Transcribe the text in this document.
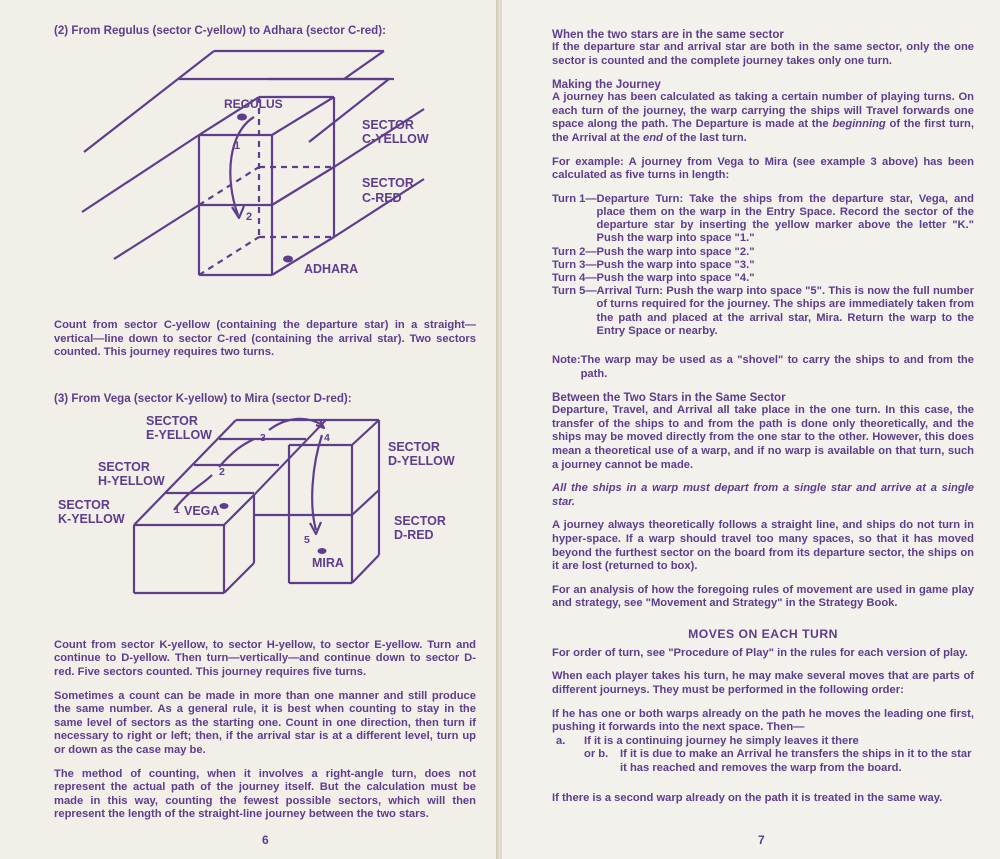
(2) From Regulus (sector C-yellow) to Adhara (sector C-red):
REGULUS
1
2
SECTOR
C-YELLOW
SECTOR
C-RED
ADHARA

Count from sector C-yellow (containing the departure star) in a straight—vertical—line down to sector C-red (containing the arrival star). Two sectors counted. This journey requires two turns.

(3) From Vega (sector K-yellow) to Mira (sector D-red):
1
2
3	4
5
VEGA
MIRA
SECTOR
E-YELLOW
SECTOR
H-YELLOW
SECTOR
K-YELLOW
SECTOR
D-YELLOW
SECTOR
D-RED

Count from sector K-yellow, to sector H-yellow, to sector E-yellow. Turn and continue to D-yellow. Then turn—vertically—and continue down to sector D-red. Five sectors counted. This journey requires five turns.

Sometimes a count can be made in more than one manner and still produce the same number. As a general rule, it is best when counting to stay in the same level of sectors as the starting one. Count in one direction, then turn if necessary to right or left; then, if the arrival star is at a different level, turn up or down as the case may be.

The method of counting, when it involves a right-angle turn, does not represent the actual path of the journey itself. But the calculation must be made in this way, counting the fewest possible sectors, which will then represent the length of the straight-line journey between the two stars.

6
When the two stars are in the same sector

If the departure star and arrival star are both in the same sector, only the one sector is counted and the complete journey takes only one turn.

Making the Journey

A journey has been calculated as taking a certain number of playing turns. On each turn of the journey, the warp carrying the ships will Travel forwards one space along the path. The Departure is made at the beginning of the first turn, the Arrival at the end of the last turn.

For example: A journey from Vega to Mira (see example 3 above) has been calculated as five turns in length:

Turn 1— Departure Turn: Take the ships from the departure star, Vega, and place them on the warp in the Entry Space. Record the sector of the departure star by inserting the yellow marker above the letter "K." Push the warp into space "1."
Turn 2— Push the warp into space "2."
Turn 3— Push the warp into space "3."
Turn 4— Push the warp into space "4."
Turn 5— Arrival Turn: Push the warp into space "5". This is now the full number of turns required for the journey. The ships are immediately taken from the path and placed at the arrival star, Mira. Return the warp to the Entry Space or nearby.
Note: The warp may be used as a "shovel" to carry the ships to and from the path.
Between the Two Stars in the Same Sector

Departure, Travel, and Arrival all take place in the one turn. In this case, the transfer of the ships to and from the path is done only theoretically, and the ships may be moved directly from the one star to the other. However, this does mean a theoretical use of a warp, and if no warp is available on that turn, such a journey cannot be made.

All the ships in a warp must depart from a single star and arrive at a single star.

A journey always theoretically follows a straight line, and ships do not turn in hyper-space. If a warp should travel too many spaces, so that it has moved beyond the furthest sector on the board from its departure sector, the ships on it are lost (returned to box).

For an analysis of how the foregoing rules of movement are used in game play and strategy, see "Movement and Strategy" in the Strategy Book.

MOVES ON EACH TURN

For order of turn, see "Procedure of Play" in the rules for each version of play.

When each player takes his turn, he may make several moves that are parts of different journeys. They must be performed in the following order:

If he has one or both warps already on the path he moves the leading one first, pushing it forwards into the next space. Then—

a.	If it is a continuing journey he simply leaves it there
or b.	If it is due to make an Arrival he transfers the ships in it to the star it has reached and removes the warp from the board.

If there is a second warp already on the path it is treated in the same way.

7
